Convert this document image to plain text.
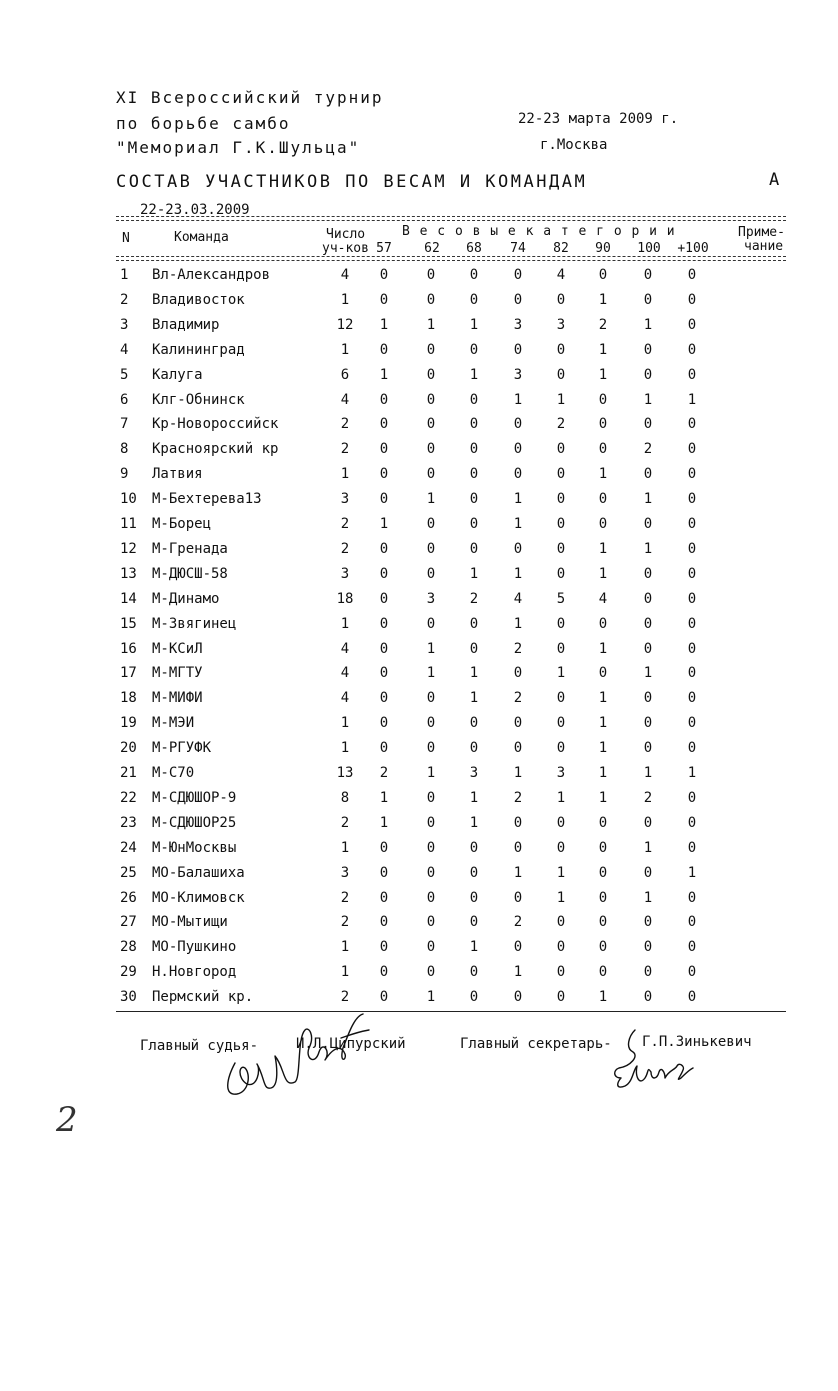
XI Всероссийский турнир
по борьбе самбо
"Мемориал Г.К.Шульца"
22-23 марта 2009 г.
г.Москва
СОСТАВ УЧАСТНИКОВ ПО ВЕСАМ И КОМАНДАМ	А
22-23.03.2009
N	Команда	Число
уч-ков
В е с о в ы е к а т е г о р и и
57 62 68 74 82 90 100 +100
Приме-
чание
1 Вл-Александров	4 0	0 0	0 4 0	0	0
2 Владивосток	1 0	0 0	0 0 1	0	0
3 Владимир	12 1	1 1	3 3 2	1	0
4 Калининград	1 0	0 0	0 0 1	0	0
5 Калуга	6 1	0 1	3 0 1	0	0
6 Клг-Обнинск	4 0	0 0	1 1 0	1	1
7 Кр-Новороссийск	2 0	0 0	0 2 0	0	0
8 Красноярский кр	2 0	0 0	0 0 0	2	0
9 Латвия	1 0	0 0	0 0 1	0	0
10 М-Бехтерева13	3 0	1 0	1 0 0	1	0
11 М-Борец	2 1	0 0	1 0 0	0	0
12 М-Гренада	2 0	0 0	0 0 1	1	0
13 М-ДЮСШ-58	3 0	0 1	1 0 1	0	0
14 М-Динамо	18 0	3 2	4 5 4	0	0
15 М-Звягинец	1 0	0 0	1 0 0	0	0
16 М-КСиЛ	4 0	1 0	2 0 1	0	0
17 М-МГТУ	4 0	1 1	0 1 0	1	0
18 М-МИФИ	4 0	0 1	2 0 1	0	0
19 М-МЭИ	1 0	0 0	0 0 1	0	0
20 М-РГУФК	1 0	0 0	0 0 1	0	0
21 М-С70	13 2	1 3	1 3 1	1	1
22 М-СДЮШОР-9	8 1	0 1	2 1 1	2	0
23 М-СДЮШОР25	2 1	0 1	0 0 0	0	0
24 М-ЮнМосквы	1 0	0 0	0 0 0	1	0
25 МО-Балашиха	3 0	0 0	1 1 0	0	1
26 МО-Климовск	2 0	0 0	0 1 0	1	0
27 МО-Мытищи	2 0	0 0	2 0 0	0	0
28 МО-Пушкино	1 0	0 1	0 0 0	0	0
29 Н.Новгород	1 0	0 0	1 0 0	0	0
30 Пермский кр.	2 0	1 0	0 0 1	0	0
Главный судья-	И.Л.Ципурский	Главный секретарь- Г.П.Зинькевич
2
